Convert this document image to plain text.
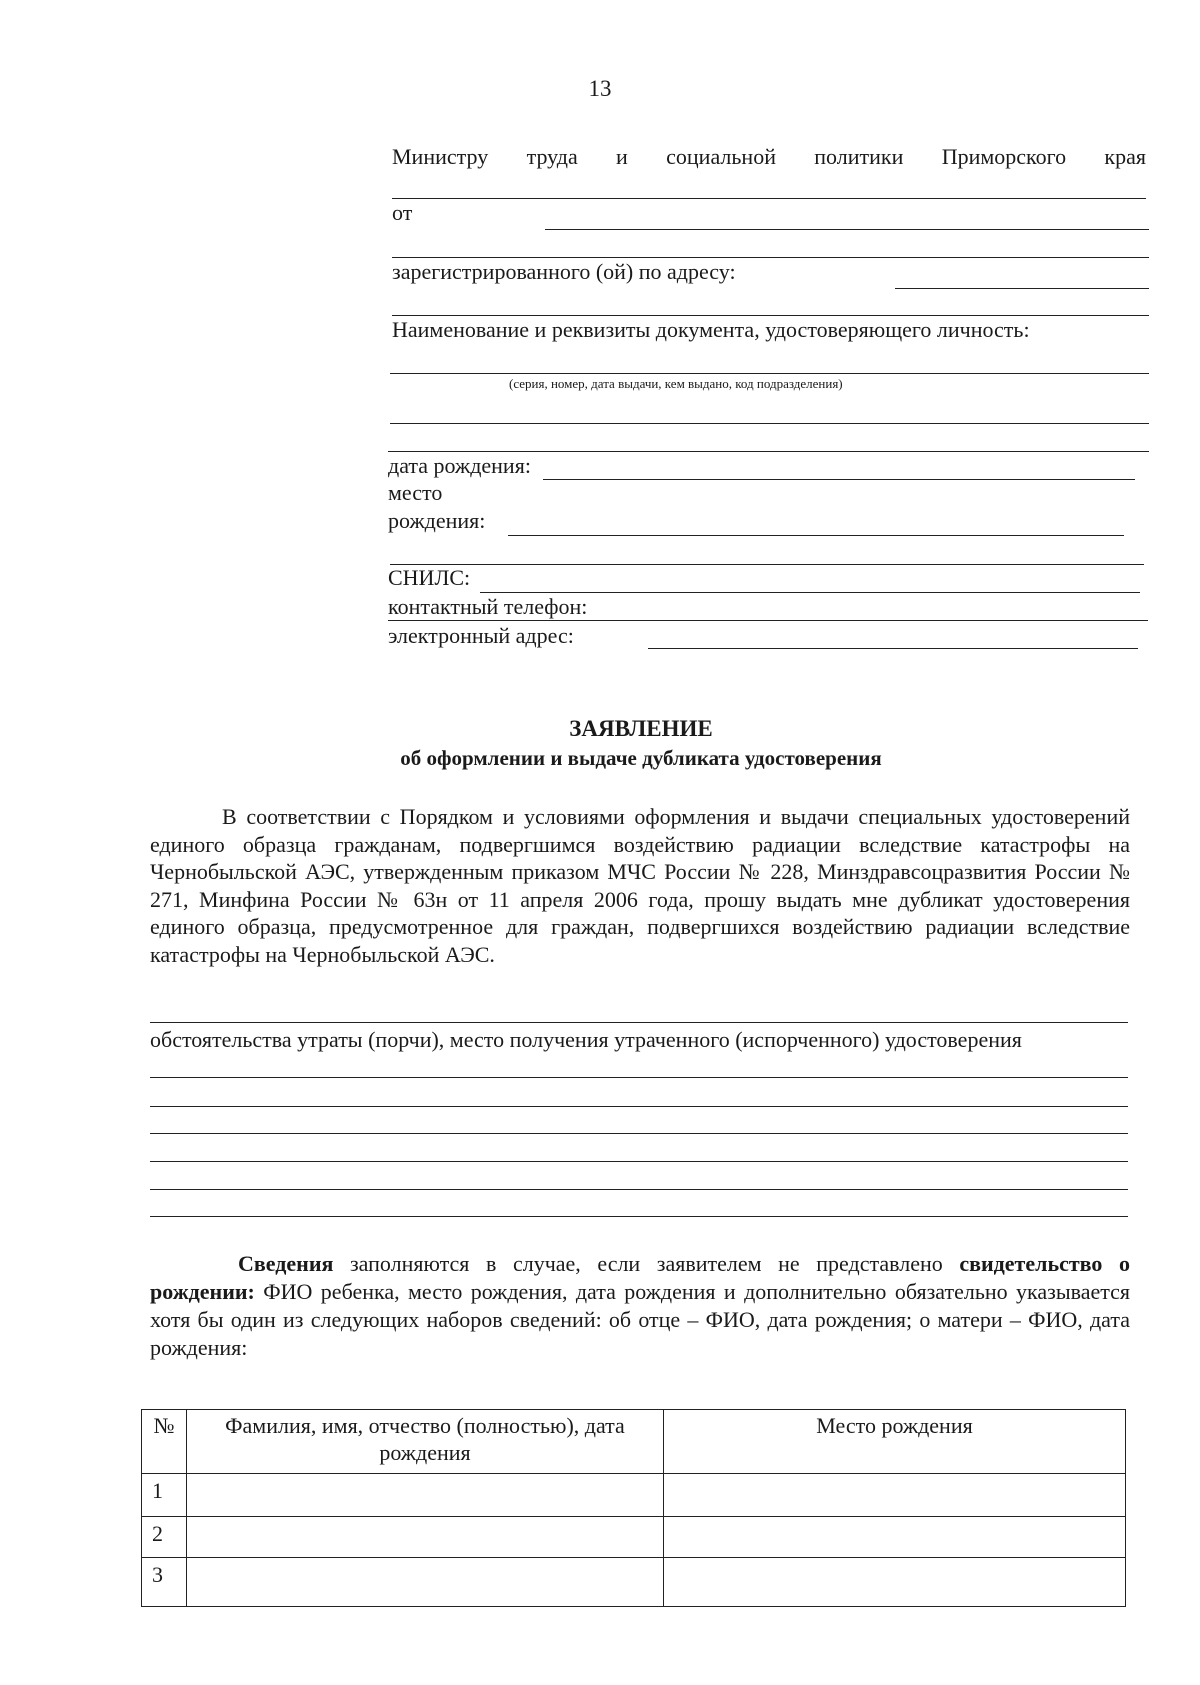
13
Министру труда и социальной политики Приморского края
от
зарегистрированного (ой) по адресу:
Наименование и реквизиты документа, удостоверяющего личность:
(серия, номер, дата выдачи, кем выдано, код подразделения)
дата рождения:
место
рождения:
СНИЛС:
контактный телефон:
электронный адрес:
ЗАЯВЛЕНИЕ
об оформлении и выдаче дубликата удостоверения
В соответствии с Порядком и условиями оформления и выдачи специальных удостоверений единого образца гражданам, подвергшимся воздействию радиации вследствие катастрофы на Чернобыльской АЭС, утвержденным приказом МЧС России № 228, Минздравсоцразвития России № 271, Минфина России № 63н от 11 апреля 2006 года, прошу выдать мне дубликат удостоверения единого образца, предусмотренное для граждан, подвергшихся воздействию радиации вследствие катастрофы на Чернобыльской АЭС.
обстоятельства утраты (порчи), место получения утраченного (испорченного) удостоверения
Сведения заполняются в случае, если заявителем не представлено свидетельство о рождении: ФИО ребенка, место рождения, дата рождения и дополнительно обязательно указывается хотя бы один из следующих наборов сведений: об отце – ФИО, дата рождения; о матери – ФИО, дата рождения:
№	Фамилия, имя, отчество (полностью), дата рождения	Место рождения
1		
2		
3		
